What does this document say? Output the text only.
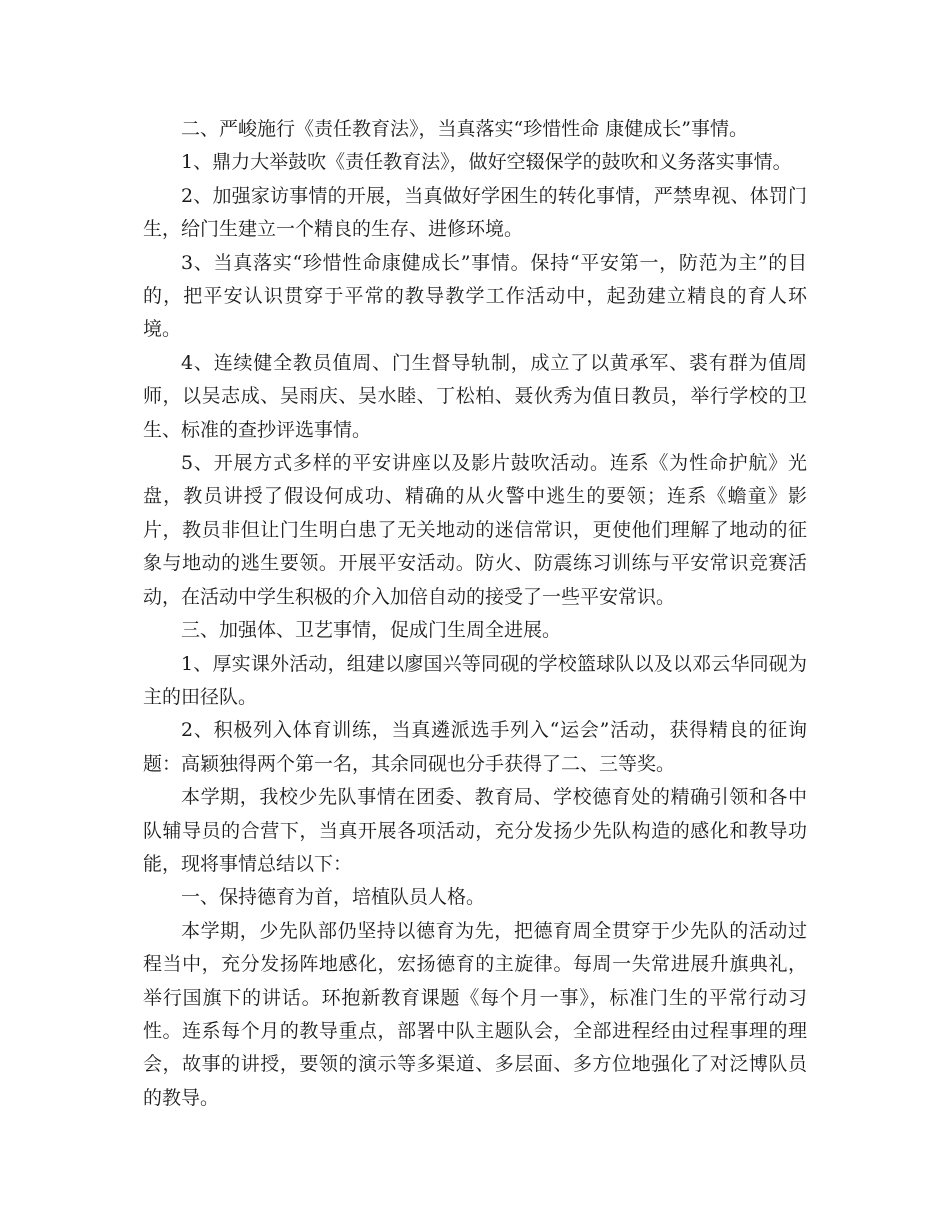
二、严峻施行《责任教育法》，当真落实“珍惜性命 康健成长”事情。

1、鼎力大举鼓吹《责任教育法》，做好空辍保学的鼓吹和义务落实事情。

2、加强家访事情的开展，当真做好学困生的转化事情，严禁卑视、体罚门生，给门生建立一个精良的生存、进修环境。

3、当真落实“珍惜性命康健成长”事情。保持“平安第一，防范为主”的目的，把平安认识贯穿于平常的教导教学工作活动中，起劲建立精良的育人环境。

4、连续健全教员值周、门生督导轨制，成立了以黄承军、裘有群为值周师，以吴志成、吴雨庆、吴水睦、丁松柏、聂伙秀为值日教员，举行学校的卫生、标准的查抄评选事情。

5、开展方式多样的平安讲座以及影片鼓吹活动。连系《为性命护航》光盘，教员讲授了假设何成功、精确的从火警中逃生的要领；连系《蟾童》影片，教员非但让门生明白患了无关地动的迷信常识，更使他们理解了地动的征象与地动的逃生要领。开展平安活动。防火、防震练习训练与平安常识竞赛活动，在活动中学生积极的介入加倍自动的接受了一些平安常识。

三、加强体、卫艺事情，促成门生周全进展。

1、厚实课外活动，组建以廖国兴等同砚的学校篮球队以及以邓云华同砚为主的田径队。

2、积极列入体育训练，当真遴派选手列入“运会”活动，获得精良的征询题：高颖独得两个第一名，其余同砚也分手获得了二、三等奖。

本学期，我校少先队事情在团委、教育局、学校德育处的精确引领和各中队辅导员的合营下，当真开展各项活动，充分发扬少先队构造的感化和教导功能，现将事情总结以下：

一、保持德育为首，培植队员人格。

本学期，少先队部仍坚持以德育为先，把德育周全贯穿于少先队的活动过程当中，充分发扬阵地感化，宏扬德育的主旋律。每周一失常进展升旗典礼，举行国旗下的讲话。环抱新教育课题《每个月一事》，标准门生的平常行动习性。连系每个月的教导重点，部署中队主题队会，全部进程经由过程事理的理会，故事的讲授，要领的演示等多渠道、多层面、多方位地强化了对泛博队员的教导。
